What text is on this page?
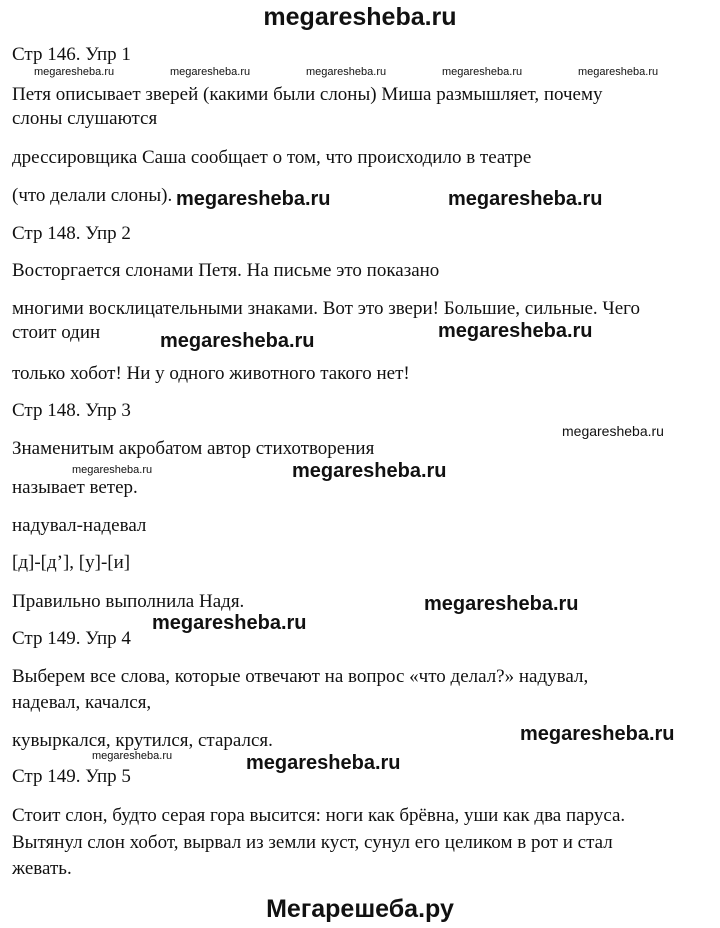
megaresheba.ru
Стр 146. Упр 1
Петя описывает зверей (какими были слоны) Миша размышляет, почему
слоны слушаются
дрессировщика Саша сообщает о том, что происходило в театре
(что делали слоны).
Стр 148. Упр 2
Восторгается слонами Петя. На письме это показано
многими восклицательными знаками. Вот это звери! Большие, сильные. Чего
стоит один
только хобот! Ни у одного животного такого нет!
Стр 148. Упр 3
Знаменитым акробатом автор стихотворения
называет ветер.
надувал-надевал
[д]-[д’], [у]-[и]
Правильно выполнила Надя.
Стр 149. Упр 4
Выберем все слова, которые отвечают на вопрос «что делал?» надувал,
надевал, качался,
кувыркался, крутился, старался.
Стр 149. Упр 5
Стоит слон, будто серая гора высится: ноги как брёвна, уши как два паруса.
Вытянул слон хобот, вырвал из земли куст, сунул его целиком в рот и стал
жевать.
megaresheba.ru	megaresheba.ru	megaresheba.ru	megaresheba.ru	megaresheba.ru
megaresheba.ru
megaresheba.ru
megaresheba.ru
megaresheba.ru	megaresheba.ru
megaresheba.ru	megaresheba.ru
megaresheba.ru
megaresheba.ru
megaresheba.ru
megaresheba.ru
megaresheba.ru
Мегарешеба.ру
